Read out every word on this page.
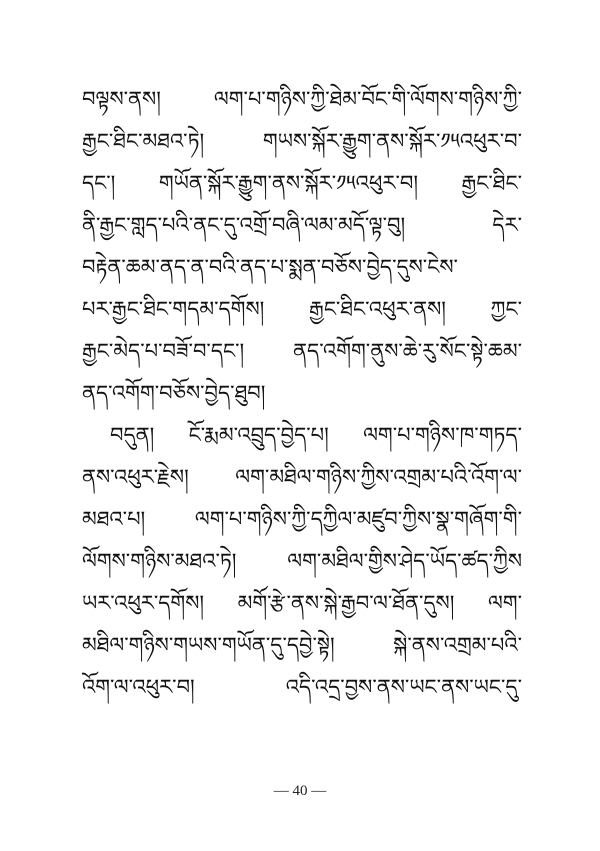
བལྟས་ནས། ལག་པ་གཉིས་ཀྱི་ཐེམ་བོང་གི་ལོགས་གཉིས་ཀྱི་
རྒྱང་ཐིང་མཐའ་ཏེ། གཡས་སྐོར་རྒྱུག་ནས་སྐོར་༡༥འཕུར་བ་
དང་། གཡོན་སྐོར་རྒྱུག་ནས་སྐོར་༡༥འཕུར་བ། རྒྱང་ཐིང་
ནི་རྒྱང་གླད་པའི་ནང་དུ་འགྲོ་བཞི་ལམ་མདོ་ལྟ་བུ། དེར་
བརྟེན་ཆམ་ནད་ན་བའི་ནད་པ་སྨན་བཅོས་བྱེད་དུས་ངེས་
པར་རྒྱང་ཐིང་གདམ་དགོས། རྒྱང་ཐིང་འཕུར་ནས། ཀྱང་
རྒྱང་མེད་པ་བཟོ་བ་དང་། ནད་འགོག་ནུས་ཆེ་རུ་སོང་སྟེ་ཆམ་
ནད་འགོག་བཅོས་བྱེད་ཐུབ།
བདུན། ངོ་རྨམ་འབྲུད་བྱེད་པ། ལག་པ་གཉིས་ཁ་གཏད་
ནས་འཕུར་རྗེས། ལག་མཐིལ་གཉིས་ཀྱིས་འགྲམ་པའི་འོག་ལ་
མཐའ་པ། ལག་པ་གཉིས་ཀྱི་དཀྱིལ་མཛུབ་ཀྱིས་སྣ་གཞོག་གི་
ལོགས་གཉིས་མཐའ་ཏེ། ལག་མཐིལ་གྱིས་ཤེད་ཡོད་ཚད་ཀྱིས
ཡར་འཕུར་དགོས། མགོ་རྩེ་ནས་སྐེ་རྒྱབ་ལ་ཐོན་དུས། ལག་
མཐིལ་གཉིས་གཡས་གཡོན་དུ་དབྱེ་སྟེ། སྐེ་ནས་འགྲམ་པའི་
འོག་ལ་འཕུར་བ། འདི་འདྲ་བྱས་ནས་ཡང་ནས་ཡང་དུ་
— 40 —
